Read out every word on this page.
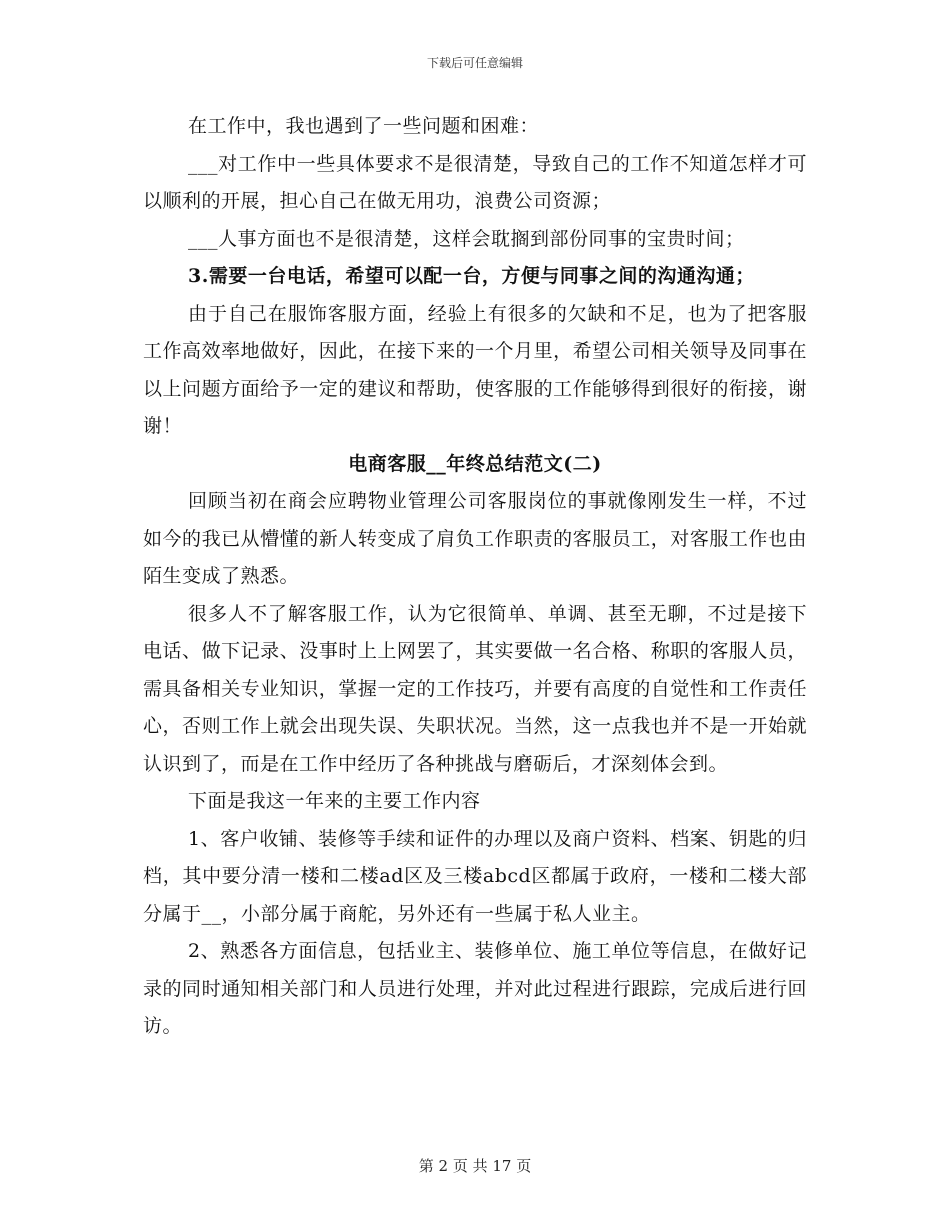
下载后可任意编辑

在工作中，我也遇到了一些问题和困难：

___对工作中一些具体要求不是很清楚，导致自己的工作不知道怎样才可以顺利的开展，担心自己在做无用功，浪费公司资源；

___人事方面也不是很清楚，这样会耽搁到部份同事的宝贵时间；

3.需要一台电话，希望可以配一台，方便与同事之间的沟通沟通；

由于自己在服饰客服方面，经验上有很多的欠缺和不足，也为了把客服工作高效率地做好，因此，在接下来的一个月里，希望公司相关领导及同事在以上问题方面给予一定的建议和帮助，使客服的工作能够得到很好的衔接，谢谢！

电商客服__年终总结范文(二)

回顾当初在商会应聘物业管理公司客服岗位的事就像刚发生一样，不过如今的我已从懵懂的新人转变成了肩负工作职责的客服员工，对客服工作也由陌生变成了熟悉。

很多人不了解客服工作，认为它很简单、单调、甚至无聊，不过是接下电话、做下记录、没事时上上网罢了，其实要做一名合格、称职的客服人员，需具备相关专业知识，掌握一定的工作技巧，并要有高度的自觉性和工作责任心，否则工作上就会出现失误、失职状况。当然，这一点我也并不是一开始就认识到了，而是在工作中经历了各种挑战与磨砺后，才深刻体会到。

下面是我这一年来的主要工作内容

1、客户收铺、装修等手续和证件的办理以及商户资料、档案、钥匙的归档，其中要分清一楼和二楼ad区及三楼abcd区都属于政府，一楼和二楼大部分属于__，小部分属于商舵，另外还有一些属于私人业主。

2、熟悉各方面信息，包括业主、装修单位、施工单位等信息，在做好记录的同时通知相关部门和人员进行处理，并对此过程进行跟踪，完成后进行回访。

第 2 页 共 17 页
